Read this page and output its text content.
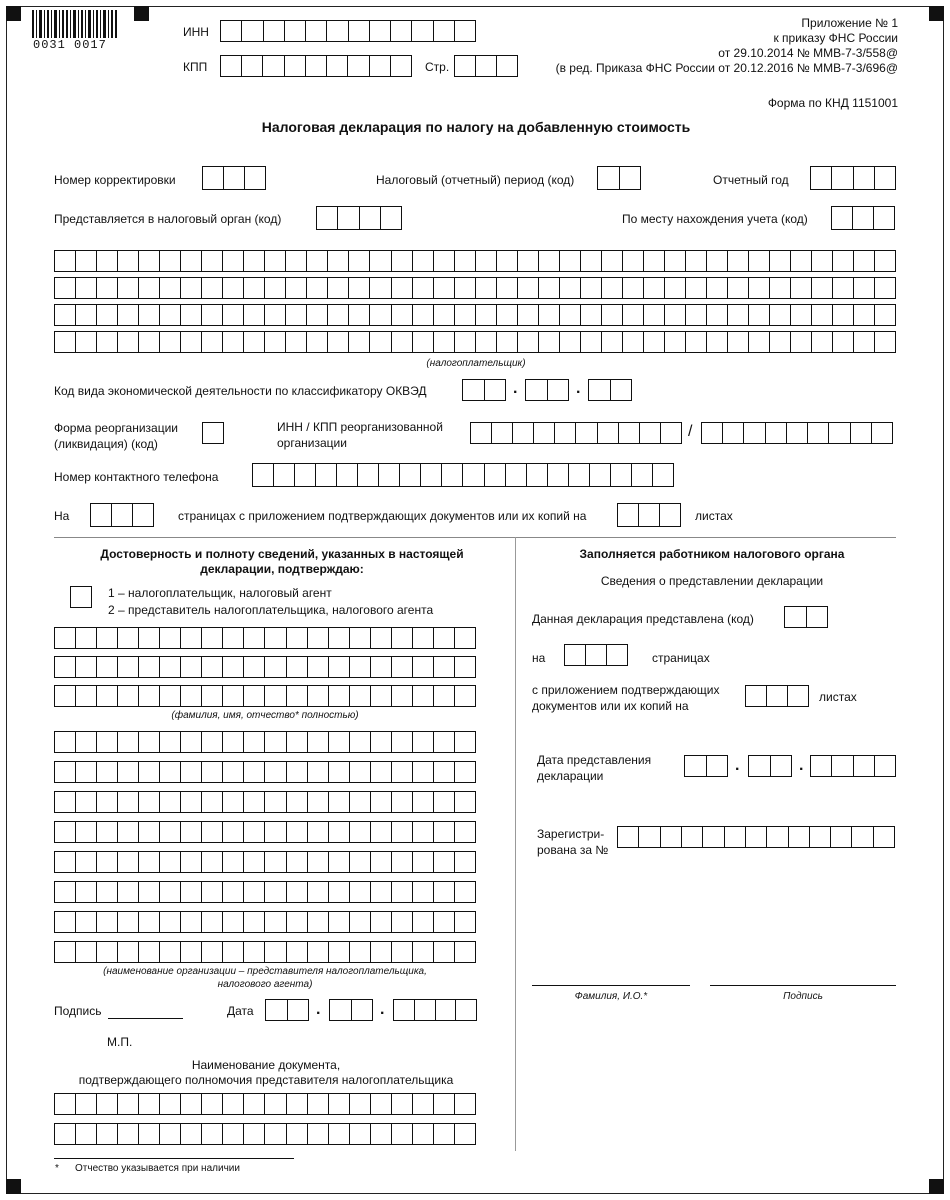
0031 0017
ИНН
КПП	Стр.
Приложение № 1
к приказу ФНС России
от 29.10.2014 № ММВ-7-3/558@
(в ред. Приказа ФНС России от 20.12.2016 № ММВ-7-3/696@
Форма по КНД 1151001
Налоговая декларация по налогу на добавленную стоимость
Номер корректировки	Налоговый (отчетный) период (код)	Отчетный год
Представляется в налоговый орган (код)	По месту нахождения учета (код)
(налогоплательщик)
Код вида экономической деятельности по классификатору ОКВЭД	.	.
Форма реорганизации
(ликвидация) (код)
ИНН / КПП реорганизованной
организации
/
Номер контактного телефона
На	страницах с приложением подтверждающих документов или их копий на	листах
Достоверность и полноту сведений, указанных в настоящей
декларации, подтверждаю:
1 – налогоплательщик, налоговый агент
2 – представитель налогоплательщика, налогового агента
(фамилия, имя, отчество* полностью)
(наименование организации – представителя налогоплательщика,
налогового агента)
Подпись	Дата	.	.
М.П.
Наименование документа,
подтверждающего полномочия представителя налогоплательщика
Заполняется работником налогового органа
Сведения о представлении декларации
Данная декларация представлена (код)
на	страницах
с приложением подтверждающих
документов или их копий на
листах
Дата представления
декларации
.	.
Зарегистри-
рована за №
Фамилия, И.О.*	Подпись
* Отчество указывается при наличии
